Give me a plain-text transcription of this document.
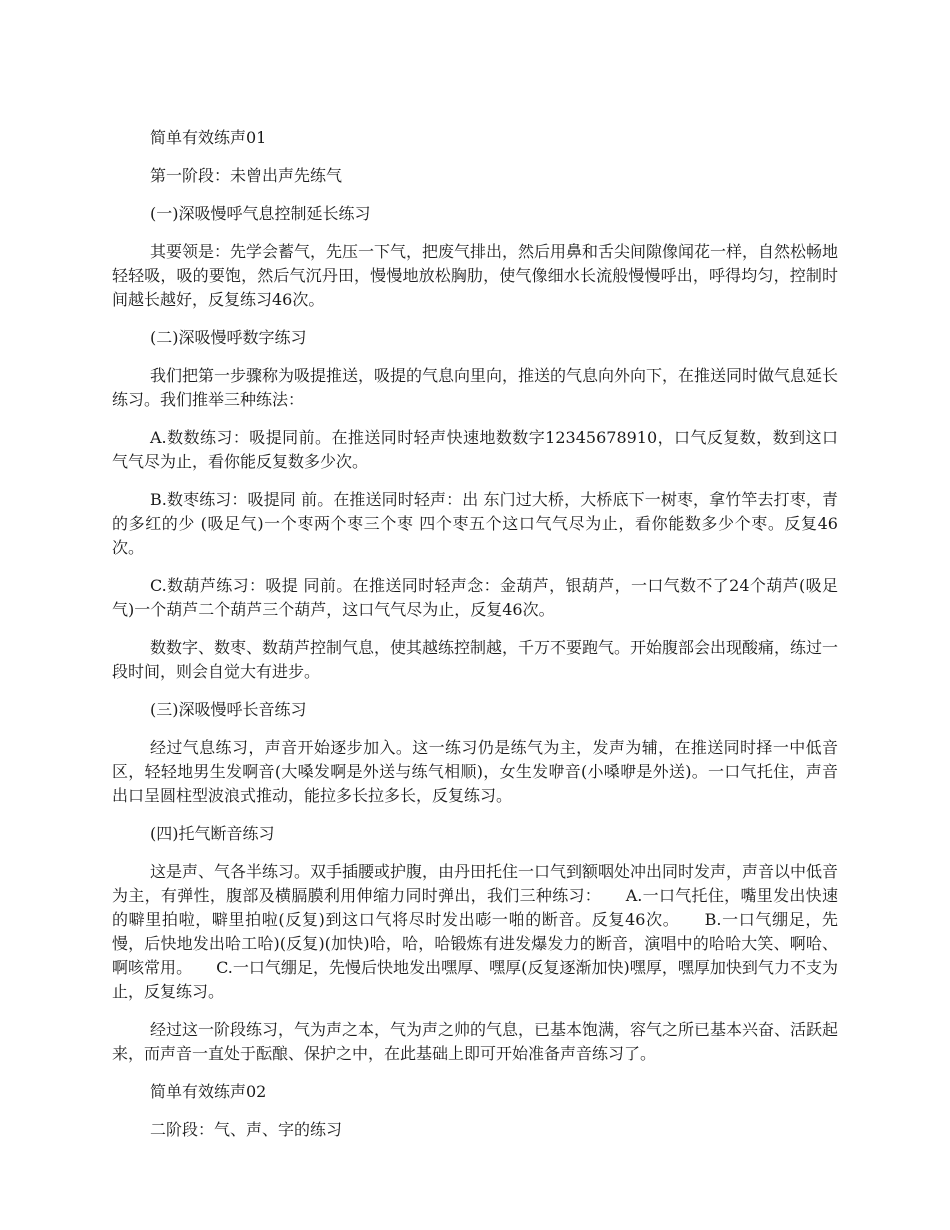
简单有效练声01

第一阶段：未曾出声先练气

(一)深吸慢呼气息控制延长练习

其要领是：先学会蓄气，先压一下气，把废气排出，然后用鼻和舌尖间隙像闻花一样，自然松畅地轻轻吸，吸的要饱，然后气沉丹田，慢慢地放松胸肋，使气像细水长流般慢慢呼出，呼得均匀，控制时间越长越好，反复练习46次。

(二)深吸慢呼数字练习

我们把第一步骤称为吸提推送，吸提的气息向里向，推送的气息向外向下，在推送同时做气息延长练习。我们推举三种练法：

A.数数练习：吸提同前。在推送同时轻声快速地数数字12345678910，口气反复数，数到这口气气尽为止，看你能反复数多少次。

B.数枣练习：吸提同 前。在推送同时轻声：出 东门过大桥，大桥底下一树枣，拿竹竿去打枣，青的多红的少 (吸足气)一个枣两个枣三个枣 四个枣五个这口气气尽为止，看你能数多少个枣。反复46次。

C.数葫芦练习：吸提 同前。在推送同时轻声念：金葫芦，银葫芦，一口气数不了24个葫芦(吸足气)一个葫芦二个葫芦三个葫芦，这口气气尽为止，反复46次。

数数字、数枣、数葫芦控制气息，使其越练控制越，千万不要跑气。开始腹部会出现酸痛，练过一段时间，则会自觉大有进步。

(三)深吸慢呼长音练习

经过气息练习，声音开始逐步加入。这一练习仍是练气为主，发声为辅，在推送同时择一中低音区，轻轻地男生发啊音(大嗓发啊是外送与练气相顺)，女生发咿音(小嗓咿是外送)。一口气托住，声音出口呈圆柱型波浪式推动，能拉多长拉多长，反复练习。

(四)托气断音练习

这是声、气各半练习。双手插腰或护腹，由丹田托住一口气到额咽处冲出同时发声，声音以中低音为主，有弹性，腹部及横膈膜利用伸缩力同时弹出，我们三种练习：　　A.一口气托住，嘴里发出快速的噼里拍啦，噼里拍啦(反复)到这口气将尽时发出嘭一啪的断音。反复46次。　　B.一口气绷足，先慢，后快地发出哈工哈)(反复)(加快)哈，哈，哈锻炼有进发爆发力的断音，演唱中的哈哈大笑、啊哈、啊咳常用。　　C.一口气绷足，先慢后快地发出嘿厚、嘿厚(反复逐渐加快)嘿厚，嘿厚加快到气力不支为止，反复练习。

经过这一阶段练习，气为声之本，气为声之帅的气息，已基本饱满，容气之所已基本兴奋、活跃起来，而声音一直处于酝酿、保护之中，在此基础上即可开始准备声音练习了。

简单有效练声02

二阶段：气、声、字的练习
